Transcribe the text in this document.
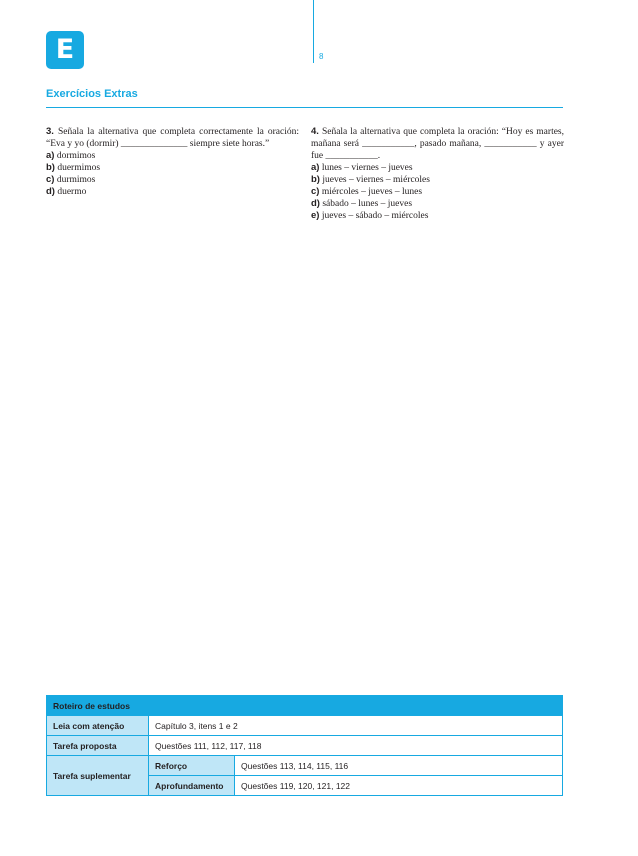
E	8
Exercícios Extras
3. Señala la alternativa que completa correctamente la oración: “Eva y yo (dormir) ______________ siempre siete horas.”
a) dormimos
b) duermimos
c) durmimos
d) duermo
4. Señala la alternativa que completa la oración: “Hoy es martes, mañana será ___________, pasado mañana, ___________ y ayer fue ___________.
a) lunes – viernes – jueves
b) jueves – viernes – miércoles
c) miércoles – jueves – lunes
d) sábado – lunes – jueves
e) jueves – sábado – miércoles
Roteiro de estudos		
Leia com atenção	Capítulo 3, itens 1 e 2	
Tarefa proposta	Questões 111, 112, 117, 118	
Tarefa suplementar	Reforço	Questões 113, 114, 115, 116
	Aprofundamento	Questões 119, 120, 121, 122
